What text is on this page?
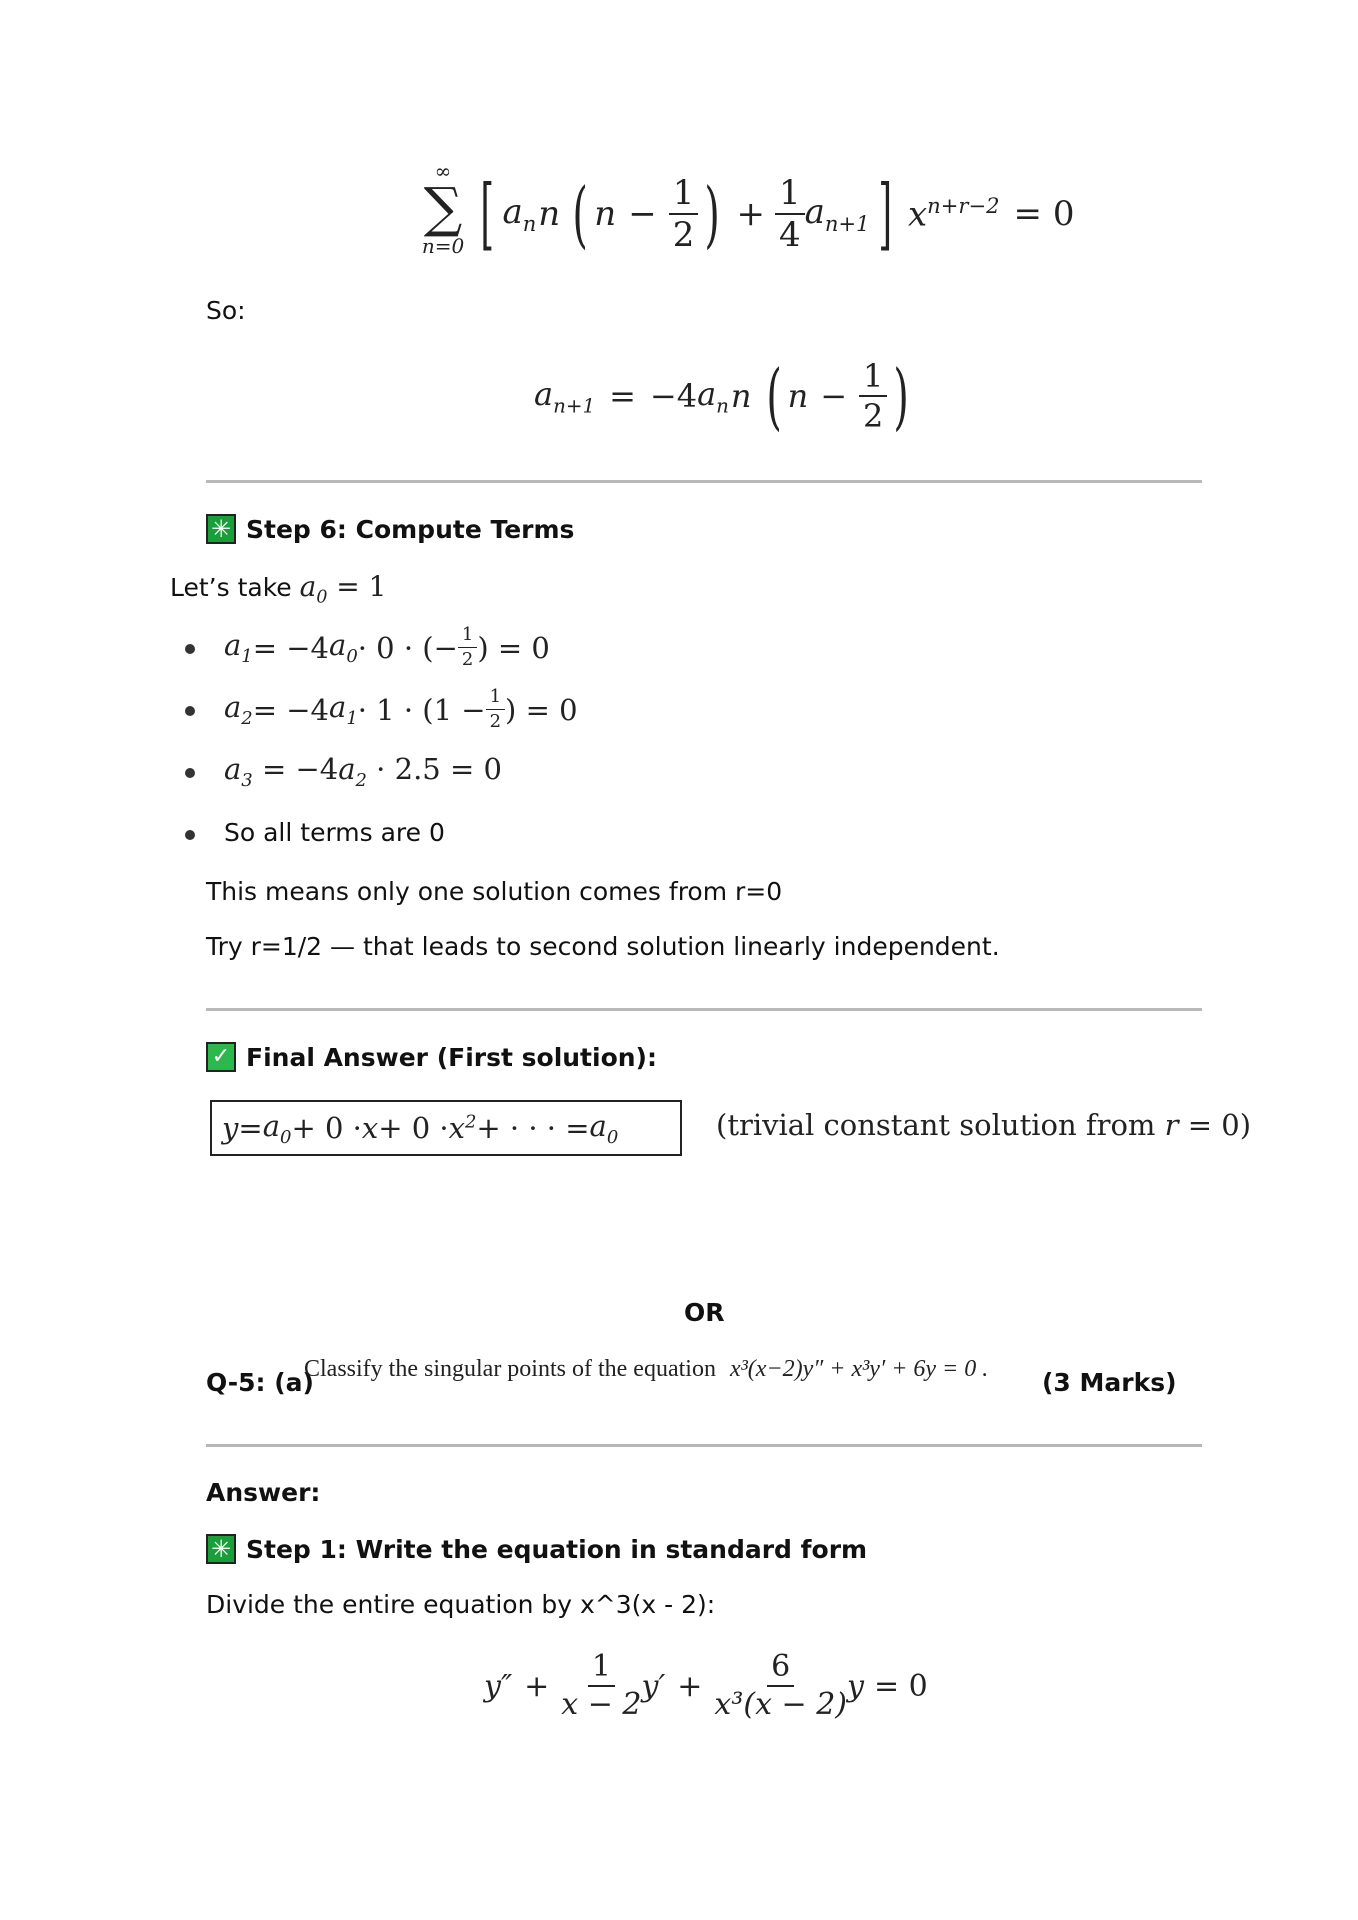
∞
∑
n=0 [ $a_n$ n ( $n - \frac{1}{2}$ ) + $\frac{1}{4} a_{n+1}$ ] $x^{n+r-2} = 0$
So:
$a_{n+1} = -4$ $a_n$ n ( $n - \frac{1}{2}$ )
✳ Step 6: Compute Terms
Let’s take $a_0 = 1$
$a_1 = -4$ $a_0 \cdot 0$ · (− $\frac{1}{2}$ ) = 0
$a_2 = -4$ $a_1 \cdot 1 \cdot (1 - \frac{1}{2}$ ) = 0
$a_3 = -4a_2 \cdot 2.5 = 0$
So all terms are 0
This means only one solution comes from r=0
Try r=1/2 — that leads to second solution linearly independent.
✓ Final Answer (First solution):
$y = a_0 + 0 \cdot x + 0 \cdot x^2$ + · · · = $a_0$	(trivial constant solution from r = 0)
OR
Q-5: (a)
Classify the singular points of the equation x³(x−2)y″ + x³y′ + 6y = 0 . (3 Marks)
Answer:
✳ Step 1: Write the equation in standard form
Divide the entire equation by x^3(x - 2):
$y'' + \frac{1}{x - 2} y' + \frac{6}{\text{x³(x − 2)}}$ y = 0
